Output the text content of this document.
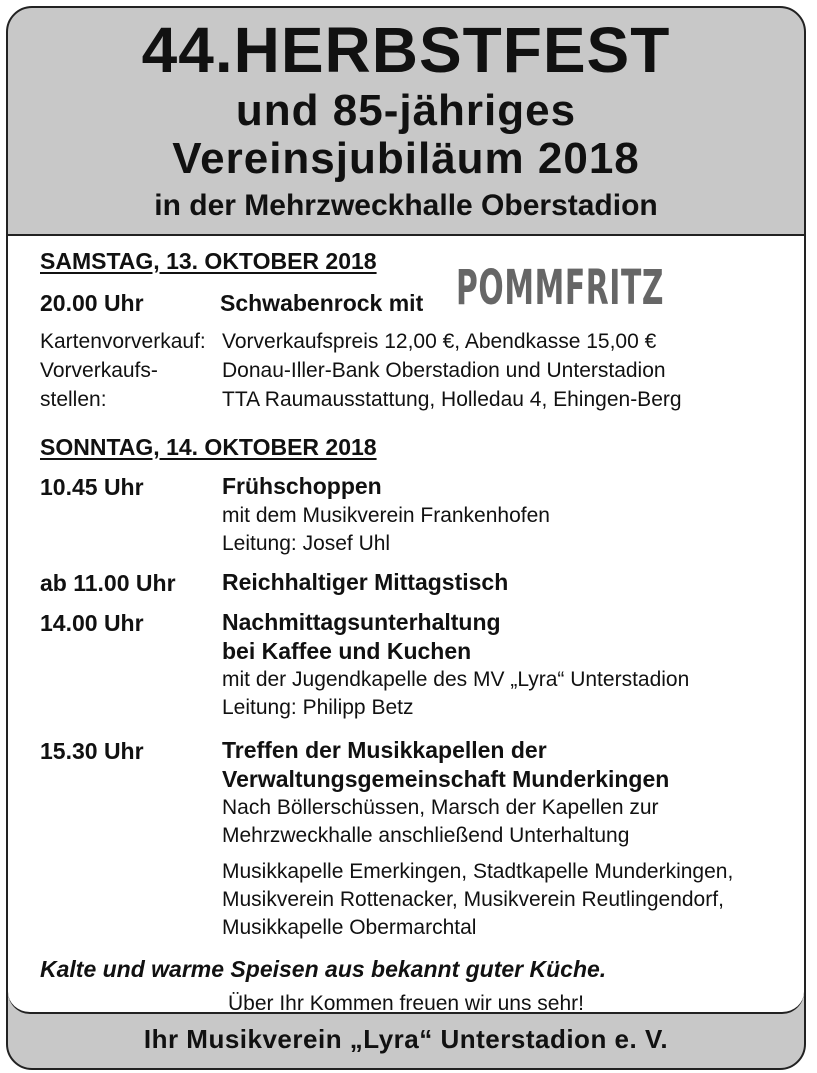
44.HERBSTFEST
und 85-jähriges
Vereinsjubiläum 2018
in der Mehrzweckhalle Oberstadion
SAMSTAG, 13. OKTOBER 2018
20.00 Uhr	Schwabenrock mit POMMFRITZ
Kartenvorverkauf: Vorverkaufspreis 12,00 €, Abendkasse 15,00 €
Vorverkaufs-	Donau-Iller-Bank Oberstadion und Unterstadion
stellen:	TTA Raumausstattung, Holledau 4, Ehingen-Berg
SONNTAG, 14. OKTOBER 2018
10.45 Uhr	Frühschoppen
mit dem Musikverein Frankenhofen
Leitung: Josef Uhl
ab 11.00 Uhr Reichhaltiger Mittagstisch
14.00 Uhr	Nachmittagsunterhaltung
bei Kaffee und Kuchen
mit der Jugendkapelle des MV „Lyra“ Unterstadion
Leitung: Philipp Betz
15.30 Uhr	Treffen der Musikkapellen der
Verwaltungsgemeinschaft Munderkingen
Nach Böllerschüssen, Marsch der Kapellen zur
Mehrzweckhalle anschließend Unterhaltung
Musikkapelle Emerkingen, Stadtkapelle Munderkingen,
Musikverein Rottenacker, Musikverein Reutlingendorf,
Musikkapelle Obermarchtal
Kalte und warme Speisen aus bekannt guter Küche.
Über Ihr Kommen freuen wir uns sehr!
Ihr Musikverein „Lyra“ Unterstadion e. V.
